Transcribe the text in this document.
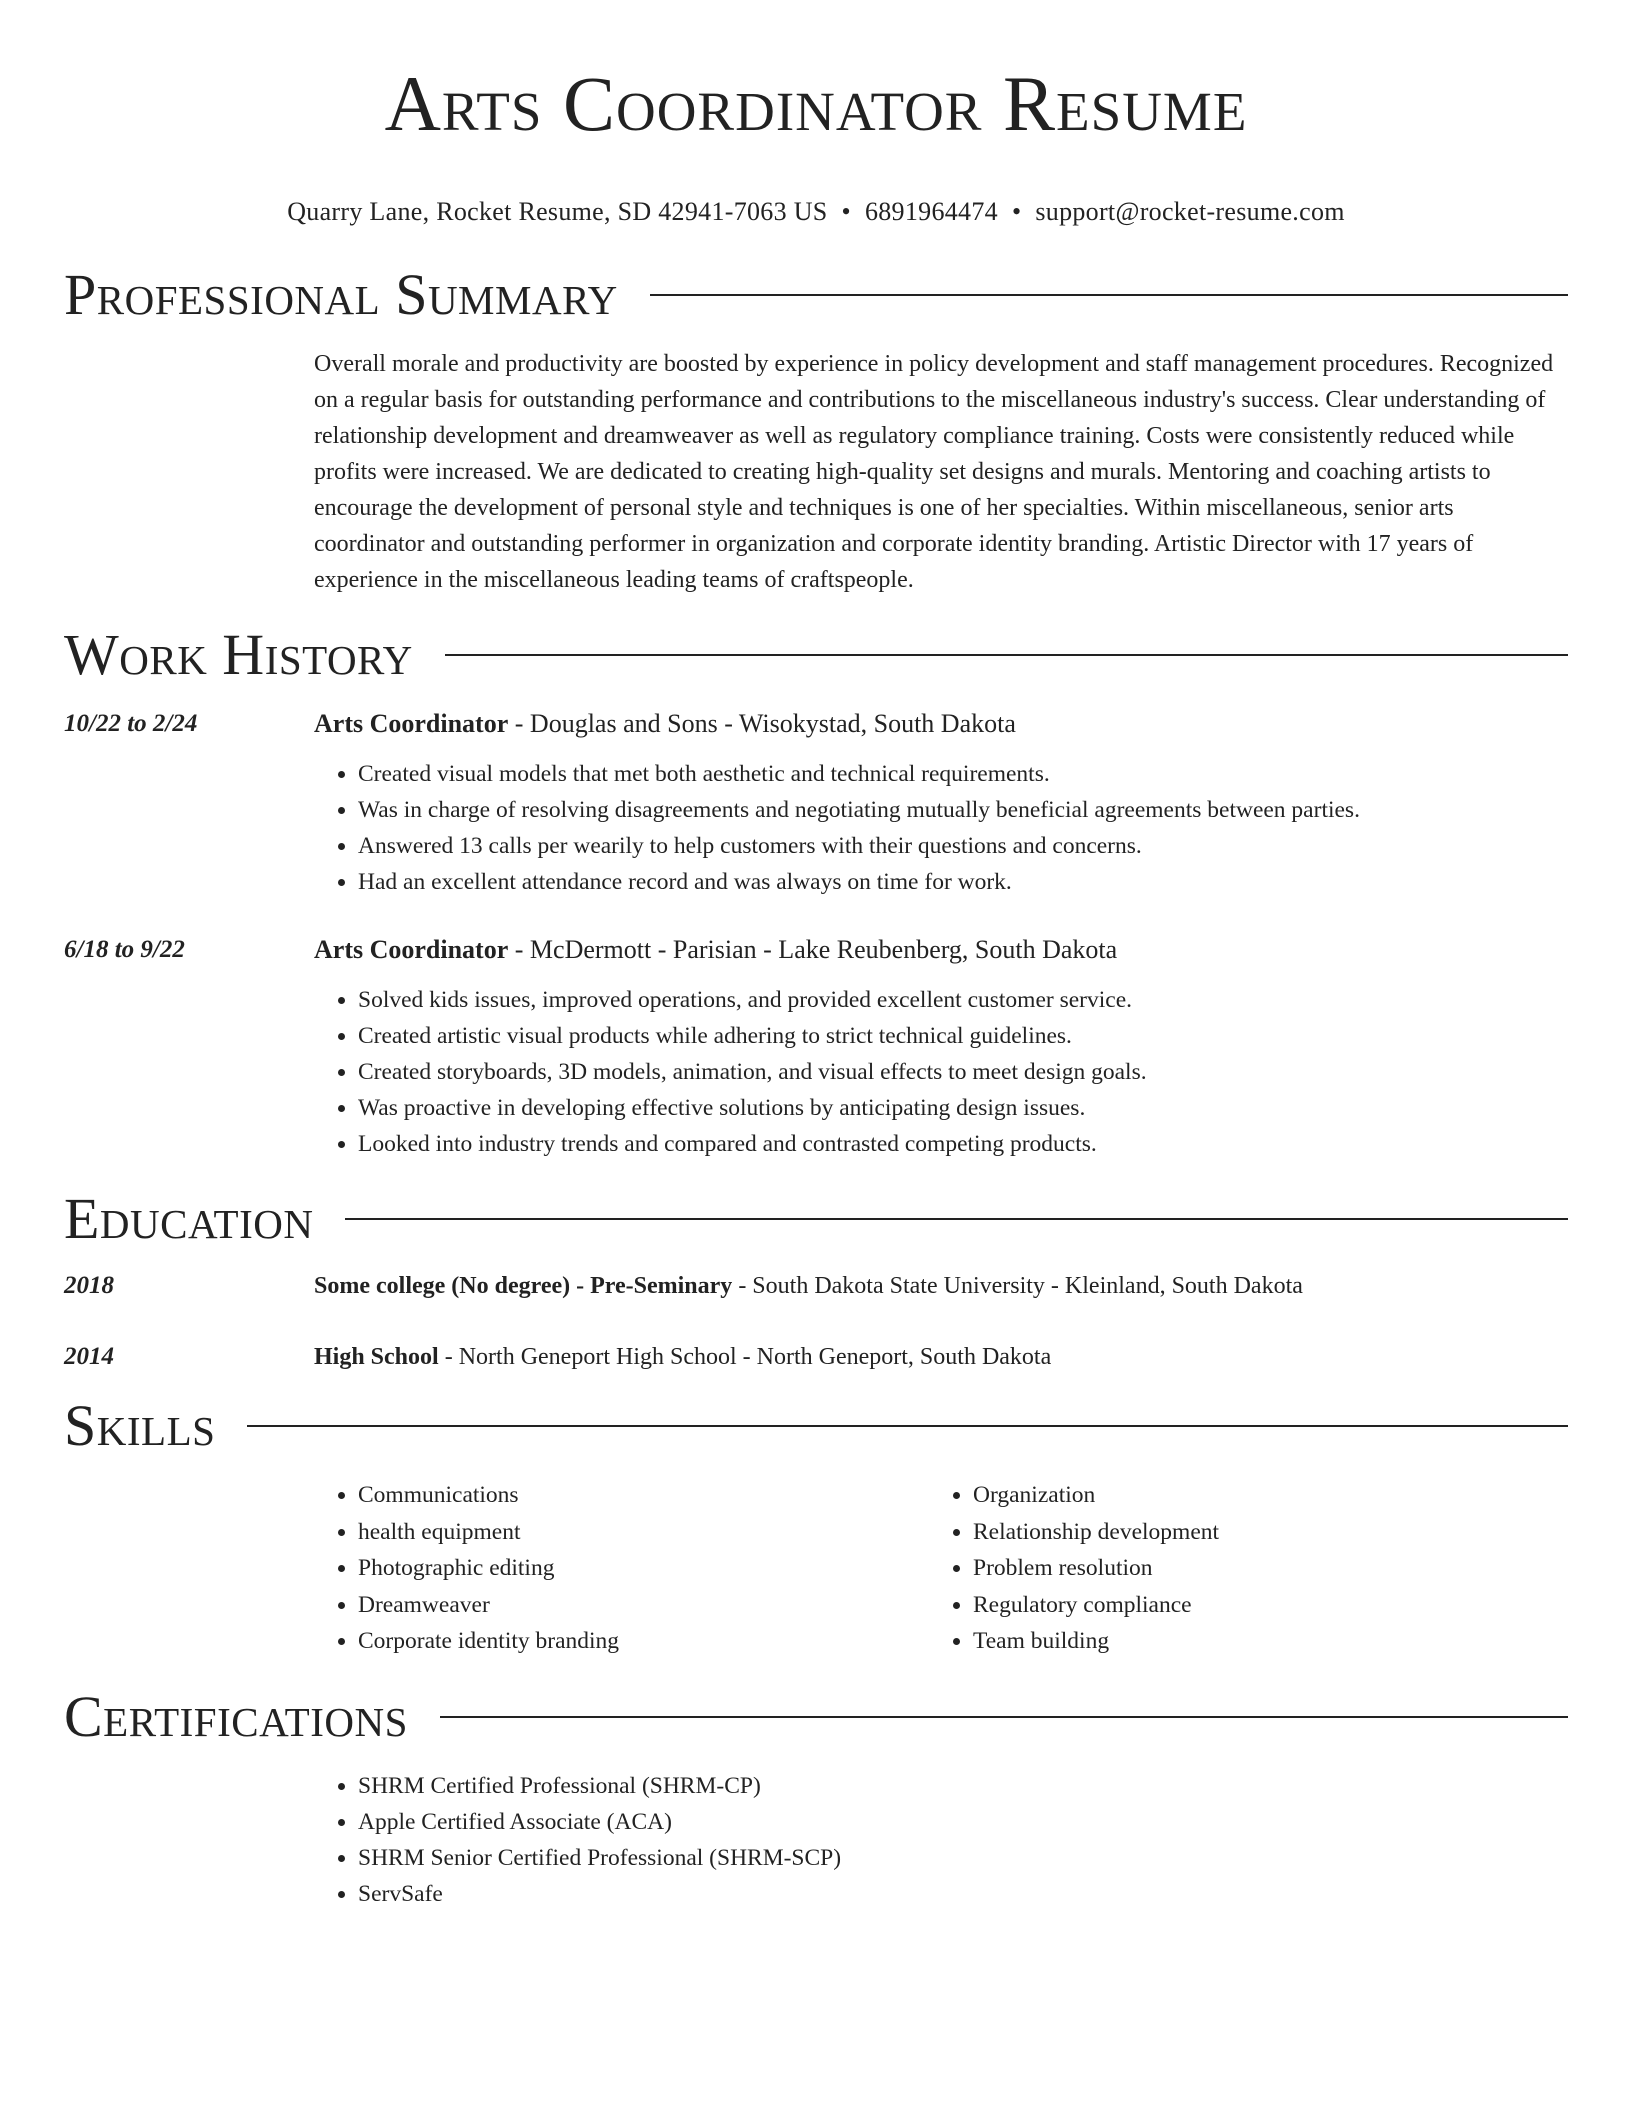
Arts Coordinator Resume
Quarry Lane, Rocket Resume, SD 42941-7063 US • 6891964474 • support@rocket-resume.com
Professional Summary
Overall morale and productivity are boosted by experience in policy development and staff management procedures. Recognized on a regular basis for outstanding performance and contributions to the miscellaneous industry's success. Clear understanding of relationship development and dreamweaver as well as regulatory compliance training. Costs were consistently reduced while profits were increased. We are dedicated to creating high-quality set designs and murals. Mentoring and coaching artists to encourage the development of personal style and techniques is one of her specialties. Within miscellaneous, senior arts coordinator and outstanding performer in organization and corporate identity branding. Artistic Director with 17 years of experience in the miscellaneous leading teams of craftspeople.
Work History
10/22 to 2/24	Arts Coordinator - Douglas and Sons - Wisokystad, South Dakota
• Created visual models that met both aesthetic and technical requirements.
• Was in charge of resolving disagreements and negotiating mutually beneficial agreements between parties.
• Answered 13 calls per wearily to help customers with their questions and concerns.
• Had an excellent attendance record and was always on time for work.
6/18 to 9/22	Arts Coordinator - McDermott - Parisian - Lake Reubenberg, South Dakota
• Solved kids issues, improved operations, and provided excellent customer service.
• Created artistic visual products while adhering to strict technical guidelines.
• Created storyboards, 3D models, animation, and visual effects to meet design goals.
• Was proactive in developing effective solutions by anticipating design issues.
• Looked into industry trends and compared and contrasted competing products.
Education
2018	Some college (No degree) - Pre-Seminary - South Dakota State University - Kleinland, South Dakota
2014	High School - North Geneport High School - North Geneport, South Dakota
Skills
• Communications
• health equipment
• Photographic editing
• Dreamweaver
• Corporate identity branding
• Organization
• Relationship development
• Problem resolution
• Regulatory compliance
• Team building
Certifications
• SHRM Certified Professional (SHRM-CP)
• Apple Certified Associate (ACA)
• SHRM Senior Certified Professional (SHRM-SCP)
• ServSafe
